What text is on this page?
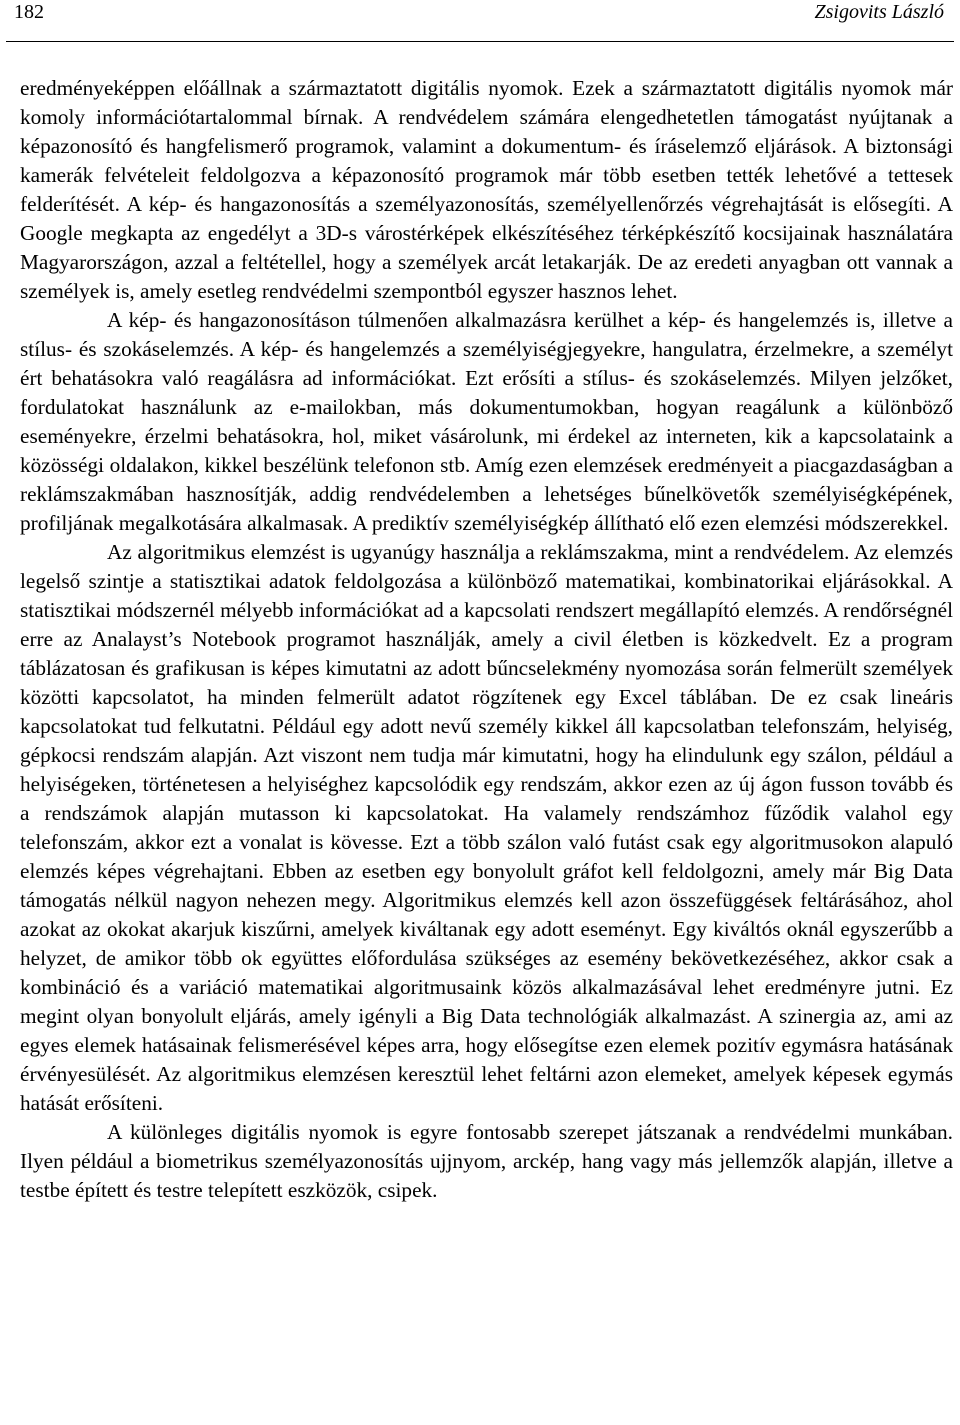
182	Zsigovits László

eredményeképpen előállnak a származtatott digitális nyomok. Ezek a származtatott digitális nyomok már komoly információtartalommal bírnak. A rendvédelem számára elengedhetetlen támogatást nyújtanak a képazonosító és hangfelismerő programok, valamint a dokumentum- és íráselemző eljárások. A biztonsági kamerák felvételeit feldolgozva a képazonosító programok már több esetben tették lehetővé a tettesek felderítését. A kép- és hangazonosítás a személyazonosítás, személyellenőrzés végrehajtását is elősegíti. A Google megkapta az engedélyt a 3D-s várostérképek elkészítéséhez térképkészítő kocsijainak használatára Magyarországon, azzal a feltétellel, hogy a személyek arcát letakarják. De az eredeti anyagban ott vannak a személyek is, amely esetleg rendvédelmi szempontból egyszer hasznos lehet.

A kép- és hangazonosításon túlmenően alkalmazásra kerülhet a kép- és hangelemzés is, illetve a stílus- és szokáselemzés. A kép- és hangelemzés a személyiségjegyekre, hangulatra, érzelmekre, a személyt ért behatásokra való reagálásra ad információkat. Ezt erősíti a stílus- és szokáselemzés. Milyen jelzőket, fordulatokat használunk az e-mailokban, más dokumentumokban, hogyan reagálunk a különböző eseményekre, érzelmi behatásokra, hol, miket vásárolunk, mi érdekel az interneten, kik a kapcsolataink a közösségi oldalakon, kikkel beszélünk telefonon stb. Amíg ezen elemzések eredményeit a piacgazdaságban a reklámszakmában hasznosítják, addig rendvédelemben a lehetséges bűnelkövetők személyiségképének, profiljának megalkotására alkalmasak. A prediktív személyiségkép állítható elő ezen elemzési módszerekkel.

Az algoritmikus elemzést is ugyanúgy használja a reklámszakma, mint a rendvédelem. Az elemzés legelső szintje a statisztikai adatok feldolgozása a különböző matematikai, kombinatorikai eljárásokkal. A statisztikai módszernél mélyebb információkat ad a kapcsolati rendszert megállapító elemzés. A rendőrségnél erre az Analayst’s Notebook programot használják, amely a civil életben is közkedvelt. Ez a program táblázatosan és grafikusan is képes kimutatni az adott bűncselekmény nyomozása során felmerült személyek közötti kapcsolatot, ha minden felmerült adatot rögzítenek egy Excel táblában. De ez csak lineáris kapcsolatokat tud felkutatni. Például egy adott nevű személy kikkel áll kapcsolatban telefonszám, helyiség, gépkocsi rendszám alapján. Azt viszont nem tudja már kimutatni, hogy ha elindulunk egy szálon, például a helyiségeken, történetesen a helyiséghez kapcsolódik egy rendszám, akkor ezen az új ágon fusson tovább és a rendszámok alapján mutasson ki kapcsolatokat. Ha valamely rendszámhoz fűződik valahol egy telefonszám, akkor ezt a vonalat is kövesse. Ezt a több szálon való futást csak egy algoritmusokon alapuló elemzés képes végrehajtani. Ebben az esetben egy bonyolult gráfot kell feldolgozni, amely már Big Data támogatás nélkül nagyon nehezen megy. Algoritmikus elemzés kell azon összefüggések feltárásához, ahol azokat az okokat akarjuk kiszűrni, amelyek kiváltanak egy adott eseményt. Egy kiváltós oknál egyszerűbb a helyzet, de amikor több ok együttes előfordulása szükséges az esemény bekövetkezéséhez, akkor csak a kombináció és a variáció matematikai algoritmusaink közös alkalmazásával lehet eredményre jutni. Ez megint olyan bonyolult eljárás, amely igényli a Big Data technológiák alkalmazást. A szinergia az, ami az egyes elemek hatásainak felismerésével képes arra, hogy elősegítse ezen elemek pozitív egymásra hatásának érvényesülését. Az algoritmikus elemzésen keresztül lehet feltárni azon elemeket, amelyek képesek egymás hatását erősíteni.

A különleges digitális nyomok is egyre fontosabb szerepet játszanak a rendvédelmi munkában. Ilyen például a biometrikus személyazonosítás ujjnyom, arckép, hang vagy más jellemzők alapján, illetve a testbe épített és testre telepített eszközök, csipek.
